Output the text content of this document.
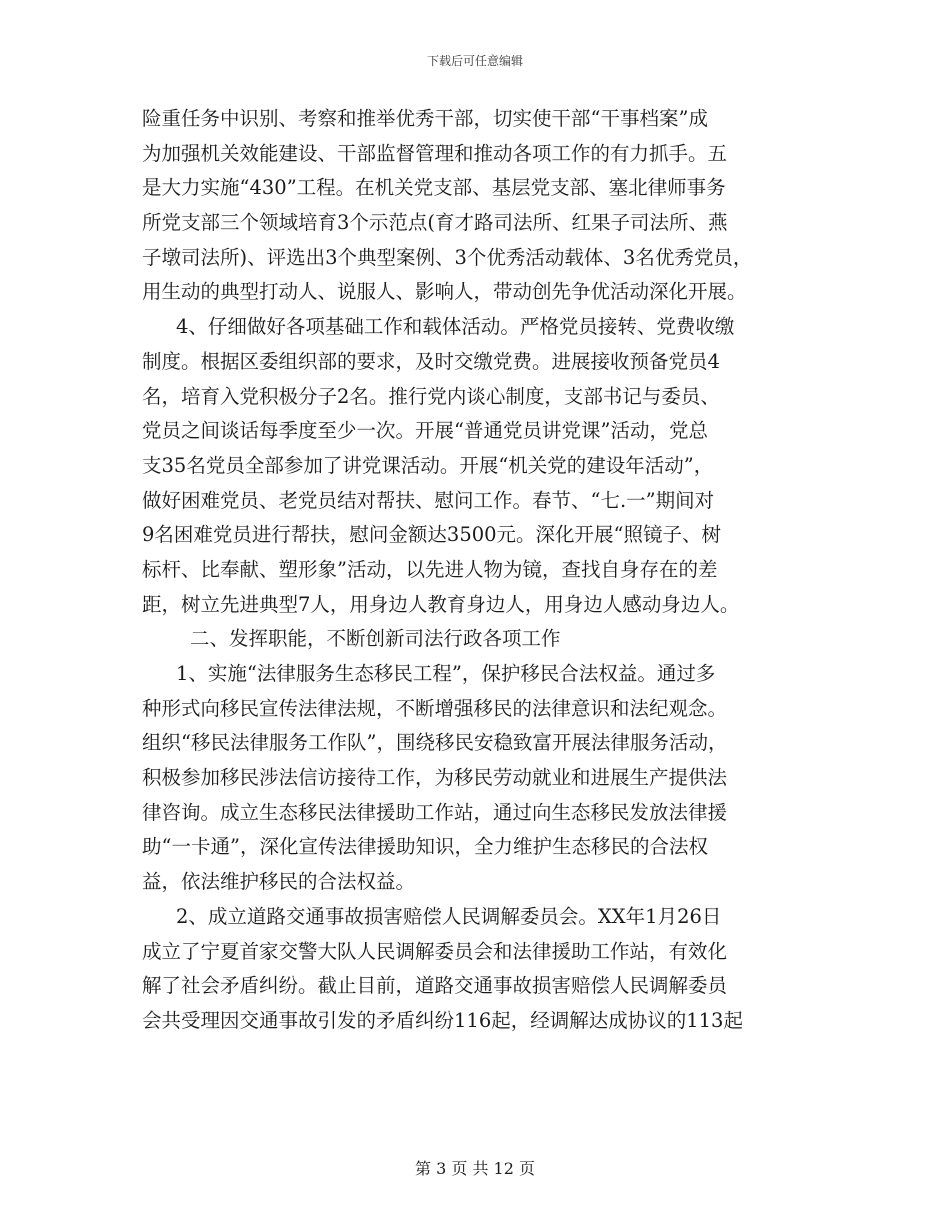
下载后可任意编辑
险重任务中识别、考察和推举优秀干部，切实使干部“干事档案”成
为加强机关效能建设、干部监督管理和推动各项工作的有力抓手。五
是大力实施“430”工程。在机关党支部、基层党支部、塞北律师事务
所党支部三个领域培育3个示范点(育才路司法所、红果子司法所、燕
子墩司法所)、评选出3个典型案例、3个优秀活动载体、3名优秀党员，
用生动的典型打动人、说服人、影响人，带动创先争优活动深化开展。
4、仔细做好各项基础工作和载体活动。严格党员接转、党费收缴
制度。根据区委组织部的要求，及时交缴党费。进展接收预备党员4
名，培育入党积极分子2名。推行党内谈心制度，支部书记与委员、
党员之间谈话每季度至少一次。开展“普通党员讲党课”活动，党总
支35名党员全部参加了讲党课活动。开展“机关党的建设年活动”，
做好困难党员、老党员结对帮扶、慰问工作。春节、“七.一”期间对
9名困难党员进行帮扶，慰问金额达3500元。深化开展“照镜子、树
标杆、比奉献、塑形象”活动，以先进人物为镜，查找自身存在的差
距，树立先进典型7人，用身边人教育身边人，用身边人感动身边人。
二、发挥职能，不断创新司法行政各项工作
1、实施“法律服务生态移民工程”，保护移民合法权益。通过多
种形式向移民宣传法律法规，不断增强移民的法律意识和法纪观念。
组织“移民法律服务工作队”，围绕移民安稳致富开展法律服务活动，
积极参加移民涉法信访接待工作，为移民劳动就业和进展生产提供法
律咨询。成立生态移民法律援助工作站，通过向生态移民发放法律援
助“一卡通”，深化宣传法律援助知识，全力维护生态移民的合法权
益，依法维护移民的合法权益。
2、成立道路交通事故损害赔偿人民调解委员会。XX年1月26日
成立了宁夏首家交警大队人民调解委员会和法律援助工作站，有效化
解了社会矛盾纠纷。截止目前，道路交通事故损害赔偿人民调解委员
会共受理因交通事故引发的矛盾纠纷116起，经调解达成协议的113起
第 3 页 共 12 页
